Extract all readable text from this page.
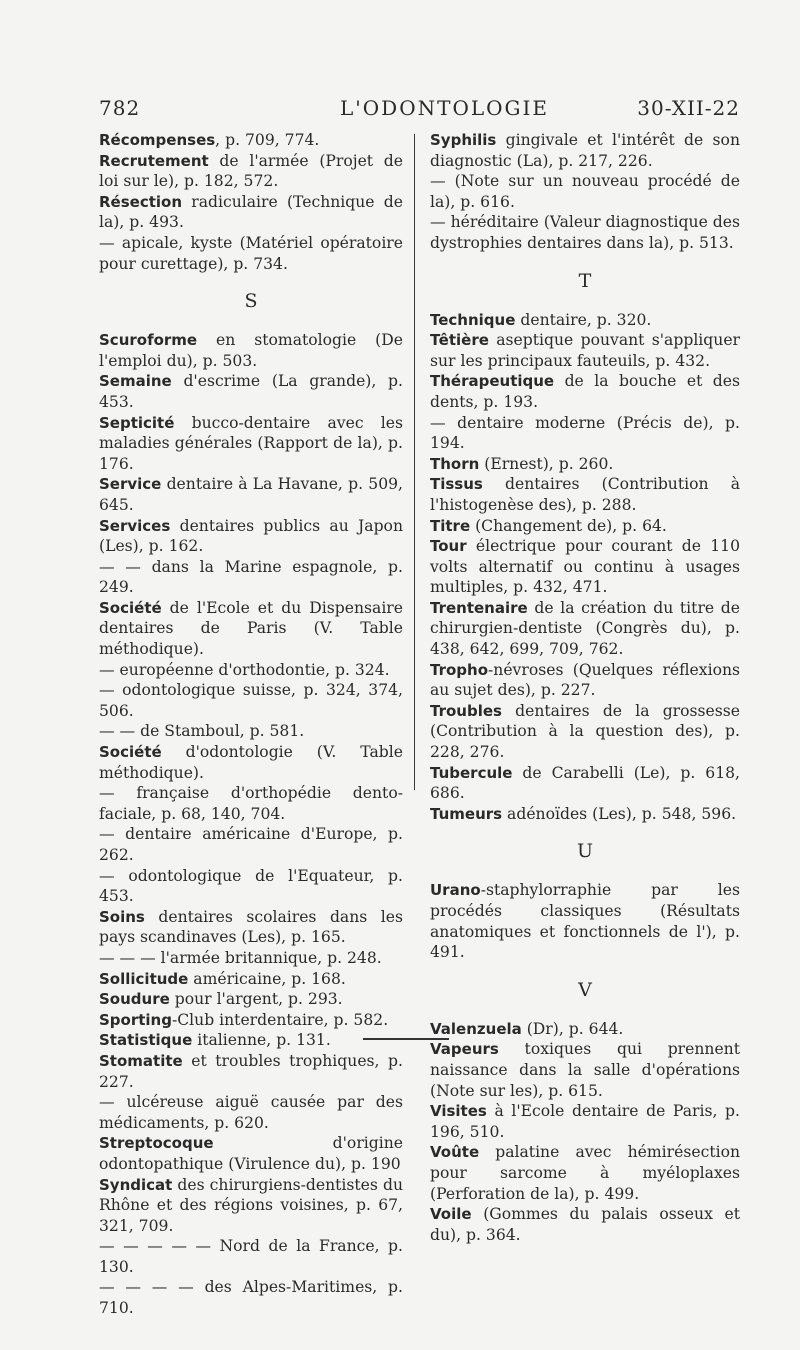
782	L'ODONTOLOGIE	30-XII-22

Récompenses, p. 709, 774.

Recrutement de l'armée (Projet de loi sur le), p. 182, 572.

Résection radiculaire (Technique de la), p. 493.

— apicale, kyste (Matériel opératoire pour curettage), p. 734.

S

Scuroforme en stomatologie (De l'emploi du), p. 503.

Semaine d'escrime (La grande), p. 453.

Septicité bucco-dentaire avec les maladies générales (Rapport de la), p. 176.

Service dentaire à La Havane, p. 509, 645.

Services dentaires publics au Japon (Les), p. 162.

— — dans la Marine espagnole, p. 249.

Société de l'Ecole et du Dispensaire dentaires de Paris (V. Table méthodique).

— européenne d'orthodontie, p. 324.

— odontologique suisse, p. 324, 374, 506.

— — de Stamboul, p. 581.

Société d'odontologie (V. Table méthodique).

— française d'orthopédie dento-faciale, p. 68, 140, 704.

— dentaire américaine d'Europe, p. 262.

— odontologique de l'Equateur, p. 453.

Soins dentaires scolaires dans les pays scandinaves (Les), p. 165.

— — — l'armée britannique, p. 248.

Sollicitude américaine, p. 168.

Soudure pour l'argent, p. 293.

Sporting-Club interdentaire, p. 582.

Statistique italienne, p. 131.

Stomatite et troubles trophiques, p. 227.

— ulcéreuse aiguë causée par des médicaments, p. 620.

Streptocoque d'origine odontopathique (Virulence du), p. 190

Syndicat des chirurgiens-dentistes du Rhône et des régions voisines, p. 67, 321, 709.

— — — — — Nord de la France, p. 130.

— — — — des Alpes-Maritimes, p. 710.

Syphilis gingivale et l'intérêt de son diagnostic (La), p. 217, 226.

— (Note sur un nouveau procédé de la), p. 616.

— héréditaire (Valeur diagnostique des dystrophies dentaires dans la), p. 513.

T

Technique dentaire, p. 320.

Têtière aseptique pouvant s'appliquer sur les principaux fauteuils, p. 432.

Thérapeutique de la bouche et des dents, p. 193.

— dentaire moderne (Précis de), p. 194.

Thorn (Ernest), p. 260.

Tissus dentaires (Contribution à l'histogenèse des), p. 288.

Titre (Changement de), p. 64.

Tour électrique pour courant de 110 volts alternatif ou continu à usages multiples, p. 432, 471.

Trentenaire de la création du titre de chirurgien-dentiste (Congrès du), p. 438, 642, 699, 709, 762.

Tropho-névroses (Quelques réflexions au sujet des), p. 227.

Troubles dentaires de la grossesse (Contribution à la question des), p. 228, 276.

Tubercule de Carabelli (Le), p. 618, 686.

Tumeurs adénoïdes (Les), p. 548, 596.

U

Urano-staphylorraphie par les procédés classiques (Résultats anatomiques et fonctionnels de l'), p. 491.

V

Valenzuela (Dr), p. 644.

Vapeurs toxiques qui prennent naissance dans la salle d'opérations (Note sur les), p. 615.

Visites à l'Ecole dentaire de Paris, p. 196, 510.

Voûte palatine avec hémirésection pour sarcome à myéloplaxes (Perforation de la), p. 499.

Voile (Gommes du palais osseux et du), p. 364.
